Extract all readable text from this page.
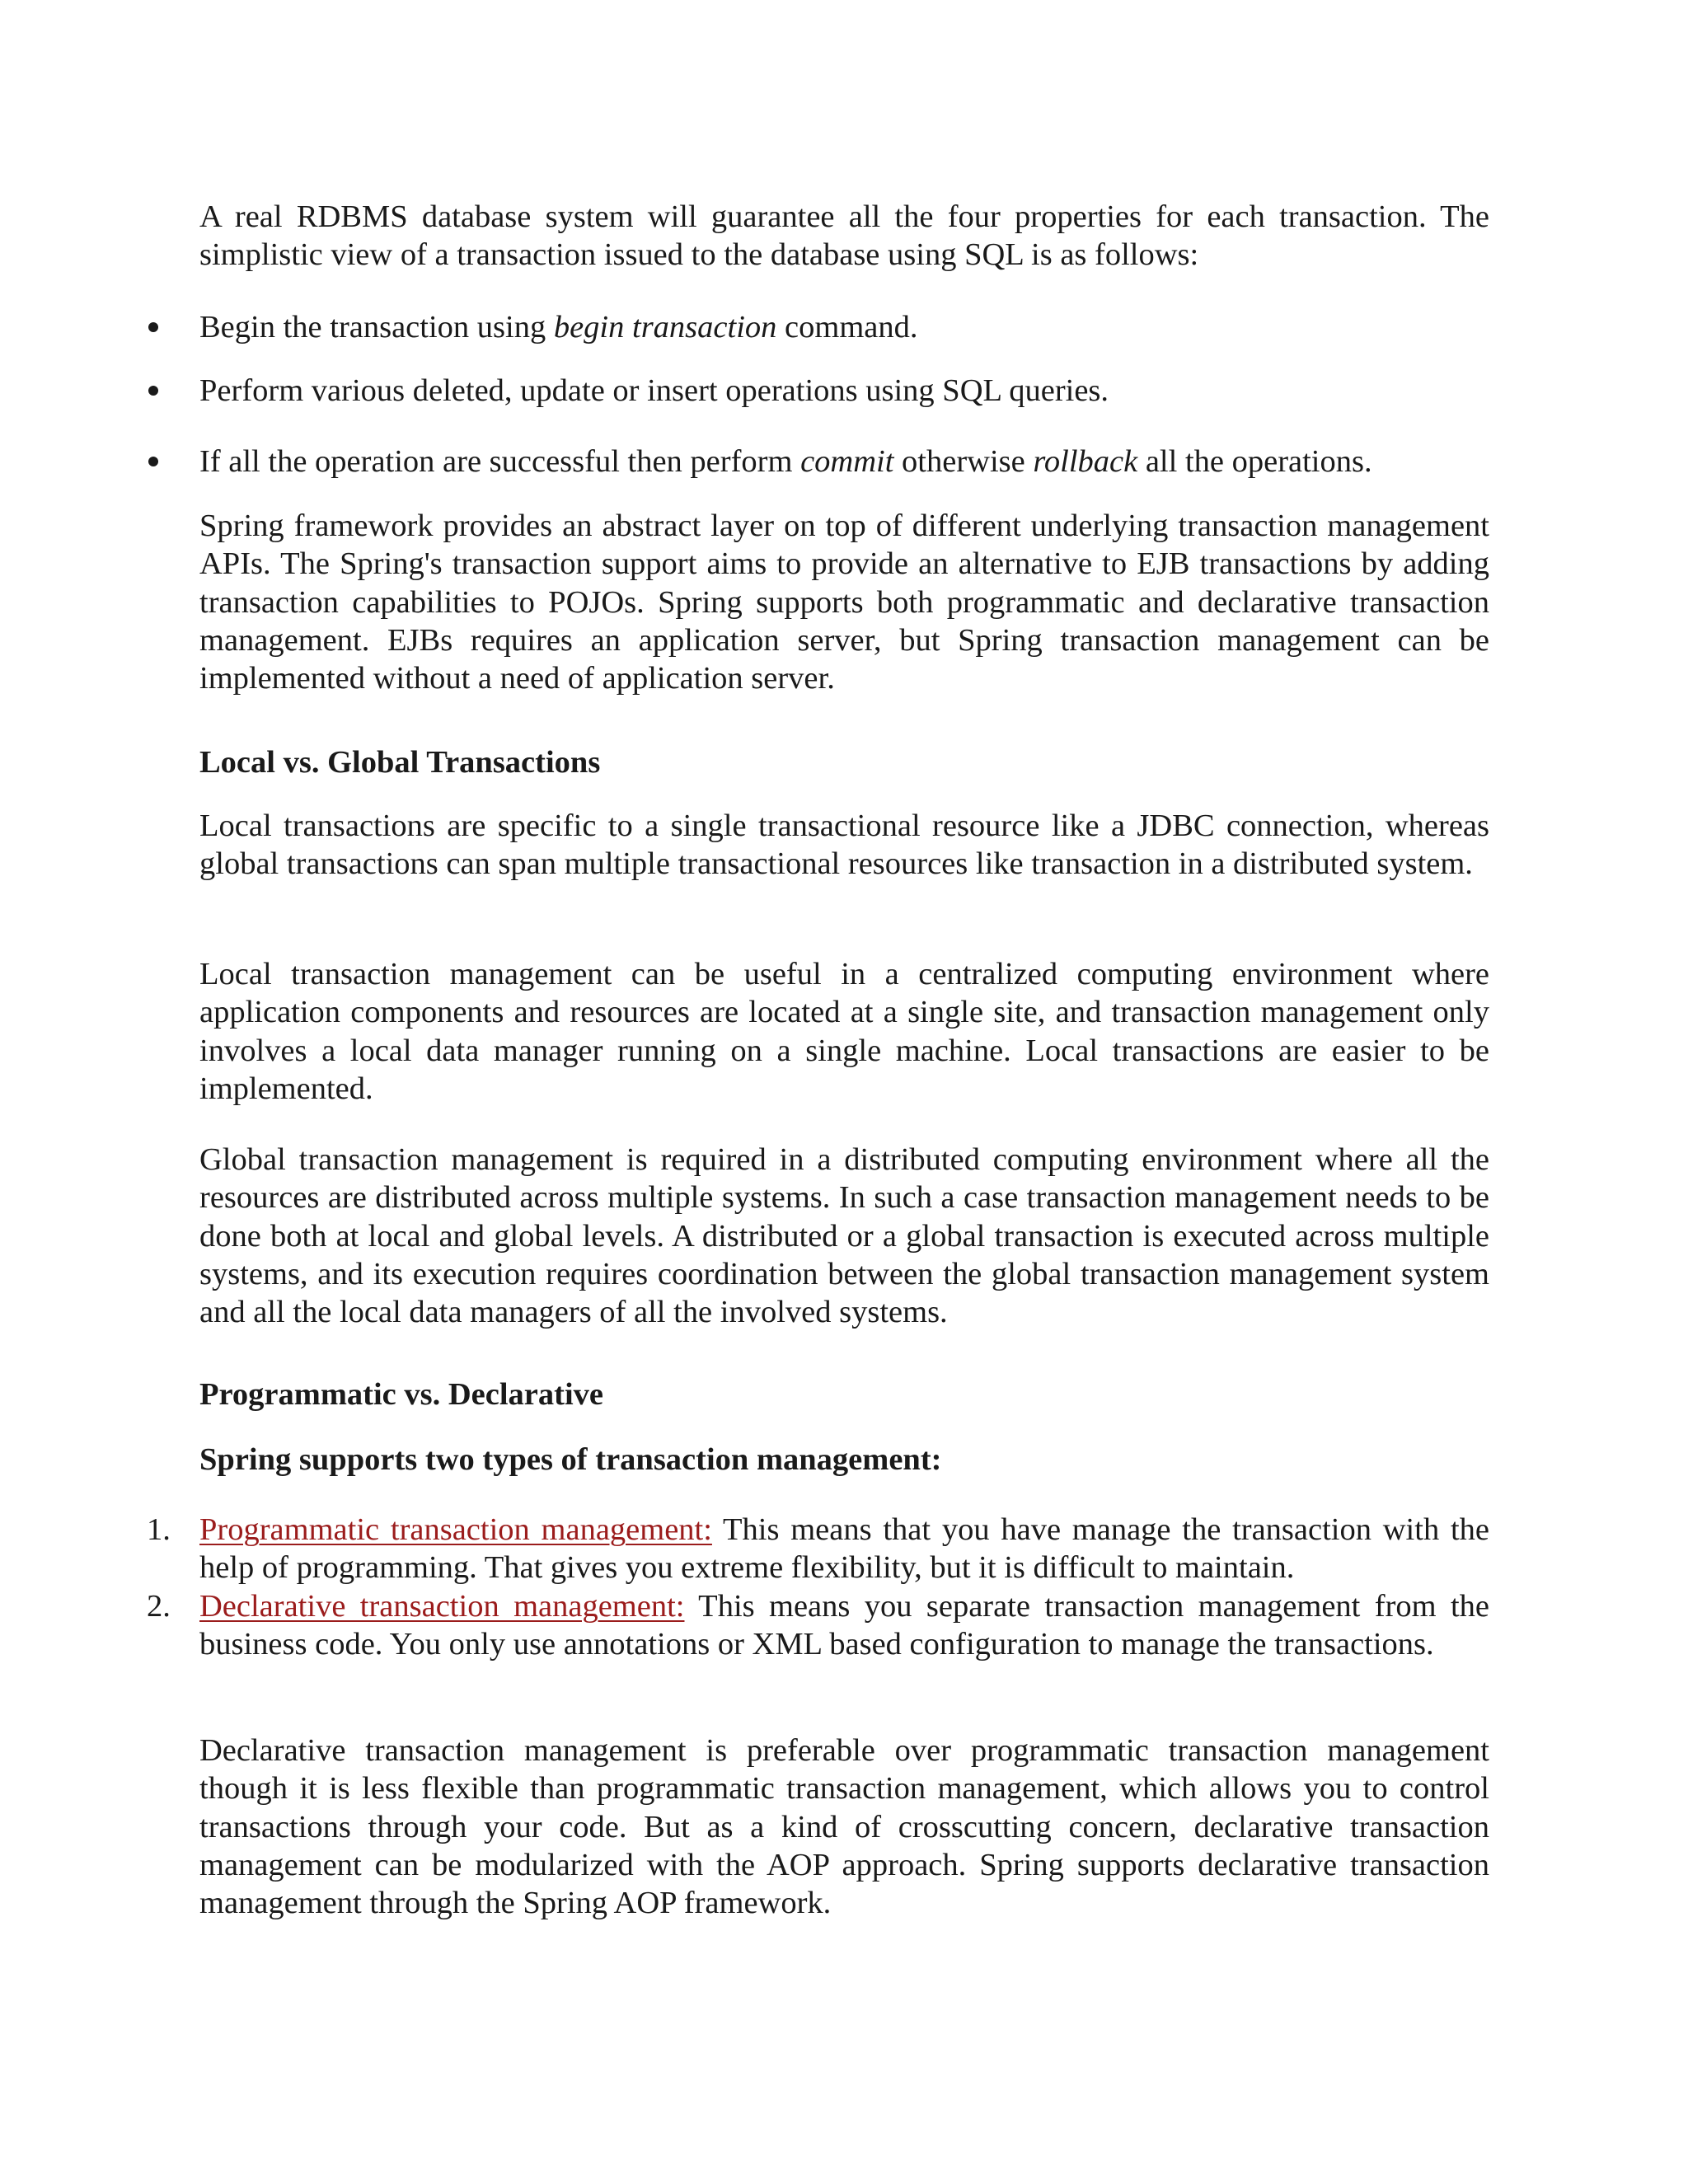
A real RDBMS database system will guarantee all the four properties for each transaction. The simplistic view of a transaction issued to the database using SQL is as follows:

Begin the transaction using begin transaction command.
Perform various deleted, update or insert operations using SQL queries.
If all the operation are successful then perform commit otherwise rollback all the operations.

Spring framework provides an abstract layer on top of different underlying transaction management APIs. The Spring's transaction support aims to provide an alternative to EJB transactions by adding transaction capabilities to POJOs. Spring supports both programmatic and declarative transaction management. EJBs requires an application server, but Spring transaction management can be implemented without a need of application server.

Local vs. Global Transactions

Local transactions are specific to a single transactional resource like a JDBC connection, whereas global transactions can span multiple transactional resources like transaction in a distributed system.

Local transaction management can be useful in a centralized computing environment where application components and resources are located at a single site, and transaction management only involves a local data manager running on a single machine. Local transactions are easier to be implemented.

Global transaction management is required in a distributed computing environment where all the resources are distributed across multiple systems. In such a case transaction management needs to be done both at local and global levels. A distributed or a global transaction is executed across multiple systems, and its execution requires coordination between the global transaction management system and all the local data managers of all the involved systems.

Programmatic vs. Declarative
Spring supports two types of transaction management:
1. Programmatic transaction management: This means that you have manage the transaction with the help of programming. That gives you extreme flexibility, but it is difficult to maintain.
2. Declarative transaction management: This means you separate transaction management from the business code. You only use annotations or XML based configuration to manage the transactions.

Declarative transaction management is preferable over programmatic transaction management though it is less flexible than programmatic transaction management, which allows you to control transactions through your code. But as a kind of crosscutting concern, declarative transaction management can be modularized with the AOP approach. Spring supports declarative transaction management through the Spring AOP framework.
